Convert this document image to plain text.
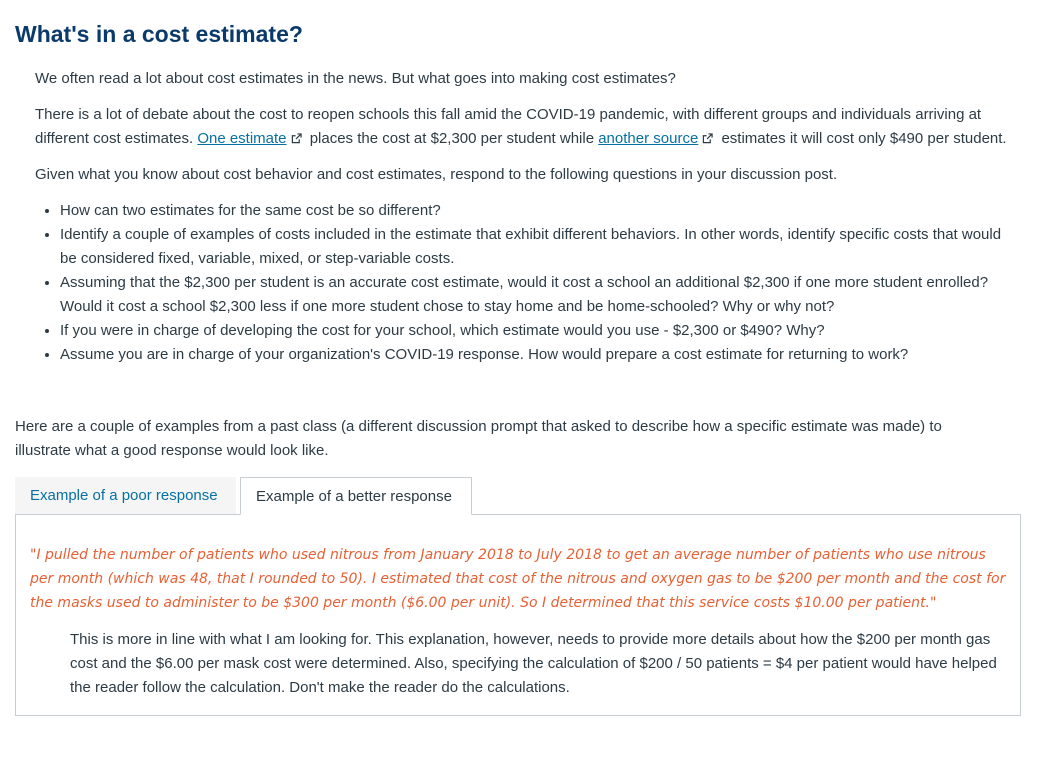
What's in a cost estimate?

We often read a lot about cost estimates in the news. But what goes into making cost estimates?

There is a lot of debate about the cost to reopen schools this fall amid the COVID-19 pandemic, with different groups and individuals arriving at different cost estimates. One estimate places the cost at $2,300 per student while another source estimates it will cost only $490 per student.

Given what you know about cost behavior and cost estimates, respond to the following questions in your discussion post.

• How can two estimates for the same cost be so different?
• Identify a couple of examples of costs included in the estimate that exhibit different behaviors. In other words, identify specific costs that would be considered fixed, variable, mixed, or step-variable costs.
• Assuming that the $2,300 per student is an accurate cost estimate, would it cost a school an additional $2,300 if one more student enrolled? Would it cost a school $2,300 less if one more student chose to stay home and be home-schooled? Why or why not?
• If you were in charge of developing the cost for your school, which estimate would you use - $2,300 or $490? Why?
• Assume you are in charge of your organization's COVID-19 response. How would prepare a cost estimate for returning to work?

Here are a couple of examples from a past class (a different discussion prompt that asked to describe how a specific estimate was made) to illustrate what a good response would look like.

Example of a poor response	Example of a better response

"I pulled the number of patients who used nitrous from January 2018 to July 2018 to get an average number of patients who use nitrous per month (which was 48, that I rounded to 50). I estimated that cost of the nitrous and oxygen gas to be $200 per month and the cost for the masks used to administer to be $300 per month ($6.00 per unit). So I determined that this service costs $10.00 per patient."

This is more in line with what I am looking for. This explanation, however, needs to provide more details about how the $200 per month gas cost and the $6.00 per mask cost were determined. Also, specifying the calculation of $200 / 50 patients = $4 per patient would have helped the reader follow the calculation. Don't make the reader do the calculations.
